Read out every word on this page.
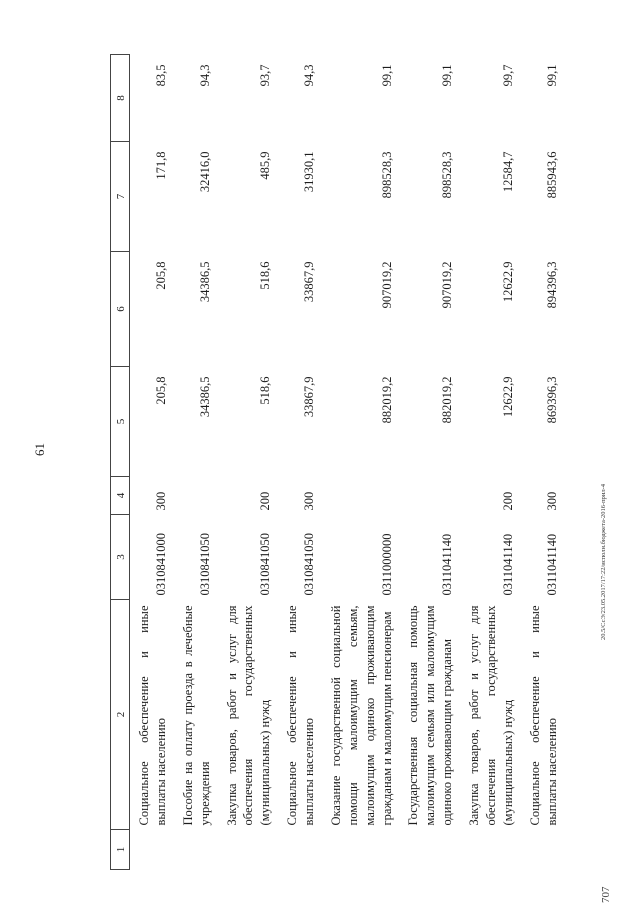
61
1	2	3	4	5	6	7	8
	Социальное обеспечение и иные выплаты населению	0310841000	300	205,8	205,8	171,8	83,5
	Пособие на оплату проезда в лечебные учреждения	0310841050		34386,5	34386,5	32416,0	94,3
	Закупка товаров, работ и услуг для обеспечения государственных (муниципальных) нужд	0310841050	200	518,6	518,6	485,9	93,7
	Социальное обеспечение и иные выплаты населению	0310841050	300	33867,9	33867,9	31930,1	94,3
	Оказание государственной социальной помощи малоимущим семьям, малоимущим одиноко проживающим гражданам и малоимущим пенсионерам	0311000000		882019,2	907019,2	898528,3	99,1
	Государственная социальная помощь малоимущим семьям или малоимущим одиноко проживающим гражданам	0311041140		882019,2	907019,2	898528,3	99,1
	Закупка товаров, работ и услуг для обеспечения государственных (муниципальных) нужд	0311041140	200	12622,9	12622,9	12584,7	99,7
	Социальное обеспечение и иные выплаты населению	0311041140	300	869396,3	894396,3	885943,6	99,1
20.5/СсЭ/23.05.2017/17:22/исполн.бюджета-2016-прил-4
707
